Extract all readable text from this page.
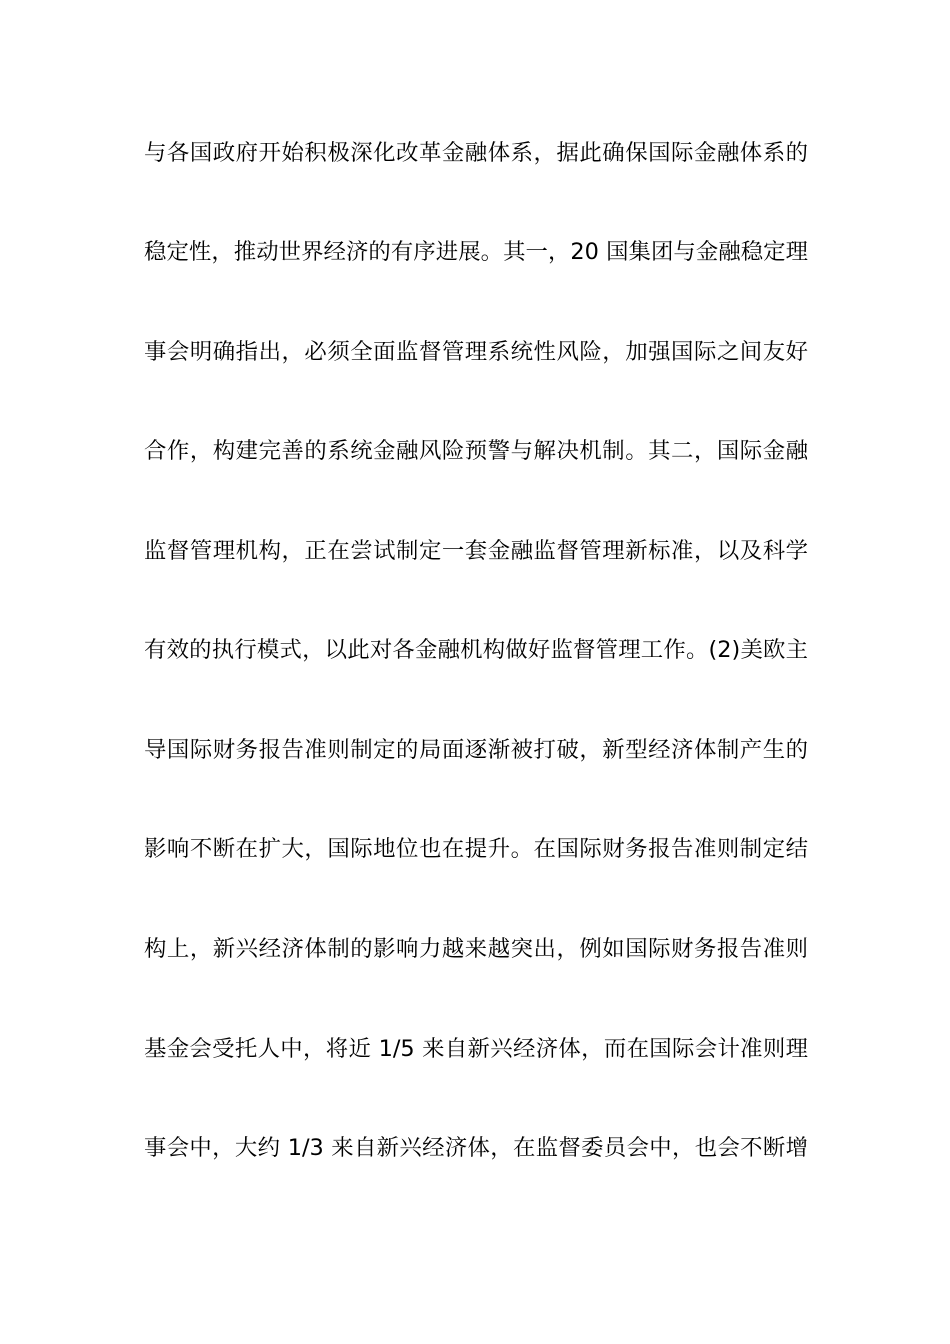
与各国政府开始积极深化改革金融体系，据此确保国际金融体系的
稳定性，推动世界经济的有序进展。其一，20 国集团与金融稳定理
事会明确指出，必须全面监督管理系统性风险，加强国际之间友好
合作，构建完善的系统金融风险预警与解决机制。其二，国际金融
监督管理机构，正在尝试制定一套金融监督管理新标准，以及科学
有效的执行模式，以此对各金融机构做好监督管理工作。(2)美欧主
导国际财务报告准则制定的局面逐渐被打破，新型经济体制产生的
影响不断在扩大，国际地位也在提升。在国际财务报告准则制定结
构上，新兴经济体制的影响力越来越突出，例如国际财务报告准则
基金会受托人中，将近 1/5 来自新兴经济体，而在国际会计准则理
事会中，大约 1/3 来自新兴经济体，在监督委员会中，也会不断增
